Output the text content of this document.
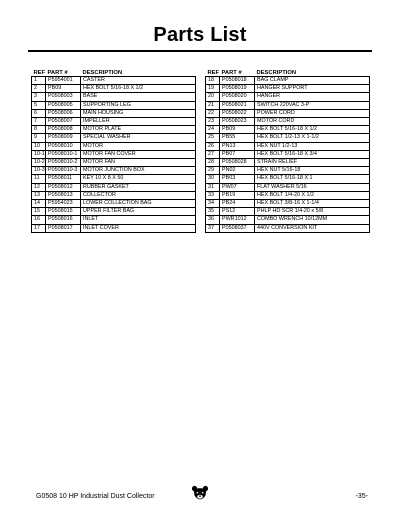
Parts List
REF	PART #	DESCRIPTION
1	P5954001	CASTER
2	PB09	HEX BOLT 5/16-18 X 1/2
3	P0508003	BASE
5	P0508005	SUPPORTING LEG
6	P0508006	MAIN HOUSING
7	P0508007	IMPELLER
8	P0508008	MOTOR PLATE
9	P0508009	SPECIAL WASHER
10	P0508010	MOTOR
10-1	P0508010-1	MOTOR FAN COVER
10-2	P0508010-2	MOTOR FAN
10-3	P0508010-3	MOTOR JUNCTION BOX
11	P0508011	KEY 10 X 8 X 50
12	P0508012	RUBBER GASKET
13	P0508013	COLLECTOR
14	P5954023	LOWER COLLECTION BAG
15	P0508015	UPPER FILTER BAG
16	P0508016	INLET
17	P0508017	INLET COVER
REF	PART #	DESCRIPTION
18	P0508018	BAG CLAMP
19	P0508019	HANGER SUPPORT
20	P0508020	HANGER
21	P0508021	SWITCH 220VAC 3-P
22	P0508022	POWER CORD
23	P0508023	MOTOR CORD
24	PB09	HEX BOLT 5/16-18 X 1/2
25	PB55	HEX BOLT 1/2-13 X 1-1/2
26	PN13	HEX NUT 1/2-13
27	PB07	HEX BOLT 5/16-18 X 3/4
28	P0508028	STRAIN RELIEF
29	PN02	HEX NUT 5/16-18
30	PB03	HEX BOLT 5/16-18 X 1
31	PW07	FLAT WASHER 5/16
33	PB19	HEX BOLT 1/4-20 X 1/2
34	PB24	HEX BOLT 3/8-16 X 1-1/4
35	PS12	PHLP HD SCR 1/4-20 x 5/8
36	PWR1012	COMBO WRENCH 10/12MM
37	P0508037	440V CONVERSION KIT
G0508 10 HP Industrial Dust Collector	-35-
